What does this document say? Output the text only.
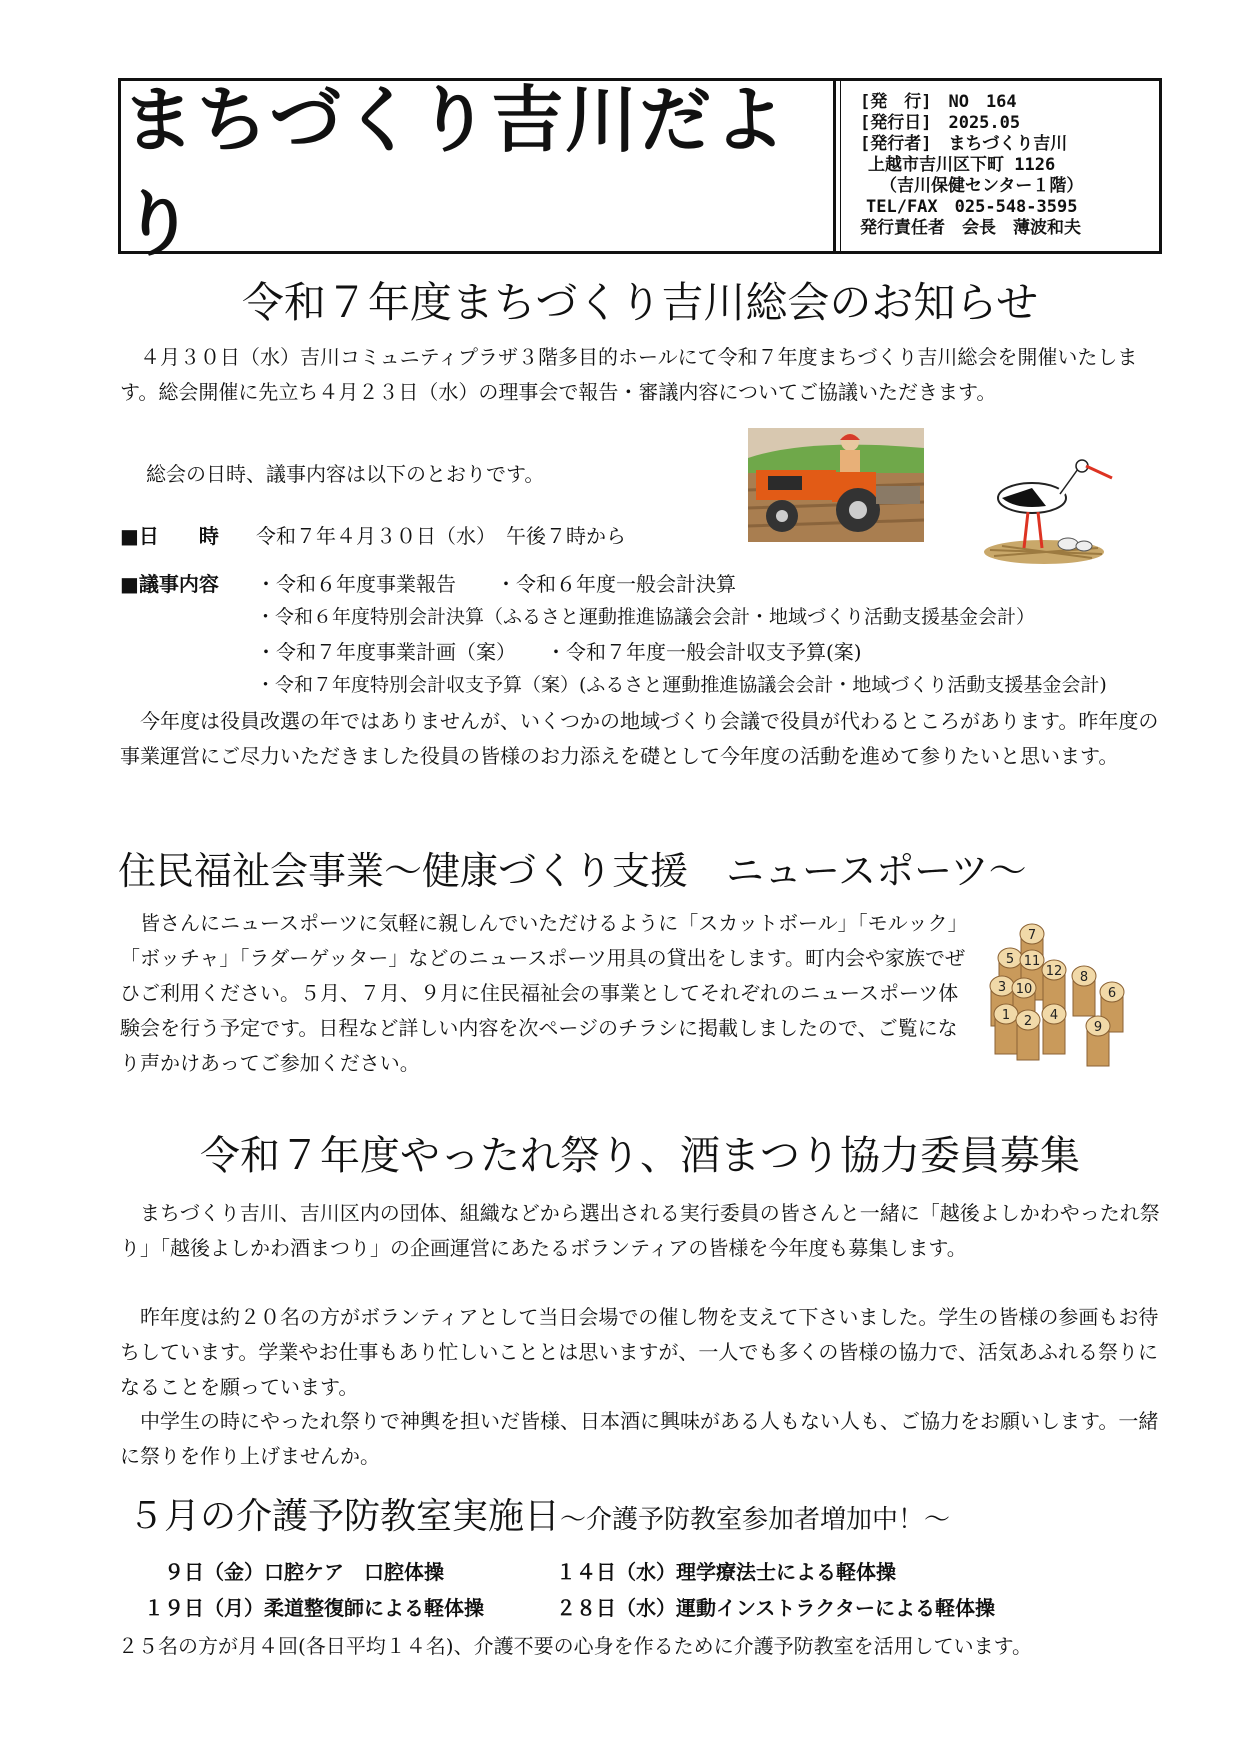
まちづくり吉川だより
[発　行]　NO　164
[発行日]　2025.05
[発行者]　まちづくり吉川
上越市吉川区下町 1126
（吉川保健センター１階）
TEL/FAX　025-548-3595
発行責任者　会長　薄波和夫
令和７年度まちづくり吉川総会のお知らせ
　４月３０日（水）吉川コミュニティプラザ３階多目的ホールにて令和７年度まちづくり吉川総会を開催いたします。総会開催に先立ち４月２３日（水）の理事会で報告・審議内容についてご協議いただきます。
総会の日時、議事内容は以下のとおりです。
■日　　時 令和７年４月３０日（水）　午後７時から
■議事内容 ・令和６年度事業報告　　・令和６年度一般会計決算
・令和６年度特別会計決算（ふるさと運動推進協議会会計・地域づくり活動支援基金会計）
・令和７年度事業計画（案）　　・令和７年度一般会計収支予算(案)
・令和７年度特別会計収支予算（案）(ふるさと運動推進協議会会計・地域づくり活動支援基金会計)
　今年度は役員改選の年ではありませんが、いくつかの地域づくり会議で役員が代わるところがあります。昨年度の事業運営にご尽力いただきました役員の皆様のお力添えを礎として今年度の活動を進めて参りたいと思います。
住民福祉会事業～健康づくり支援　ニュースポーツ～
　皆さんにニュースポーツに気軽に親しんでいただけるように「スカットボール」「モルック」「ボッチャ」「ラダーゲッター」などのニュースポーツ用具の貸出をします。町内会や家族でぜひご利用ください。５月、７月、９月に住民福祉会の事業としてそれぞれのニュースポーツ体験会を行う予定です。日程など詳しい内容を次ページのチラシに掲載しましたので、ご覧になり声かけあってご参加ください。
7
5 11
12
3 10
8
6
1 2 4
9
令和７年度やったれ祭り、酒まつり協力委員募集
　まちづくり吉川、吉川区内の団体、組織などから選出される実行委員の皆さんと一緒に「越後よしかわやったれ祭り」「越後よしかわ酒まつり」の企画運営にあたるボランティアの皆様を今年度も募集します。
　昨年度は約２０名の方がボランティアとして当日会場での催し物を支えて下さいました。学生の皆様の参画もお待ちしています。学業やお仕事もあり忙しいこととは思いますが、一人でも多くの皆様の協力で、活気あふれる祭りになることを願っています。
　中学生の時にやったれ祭りで神輿を担いだ皆様、日本酒に興味がある人もない人も、ご協力をお願いします。一緒に祭りを作り上げませんか。
５月の介護予防教室実施日～介護予防教室参加者増加中！～
９日（金）口腔ケア　口腔体操	１４日（水）理学療法士による軽体操
１９日（月）柔道整復師による軽体操	２８日（水）運動インストラクターによる軽体操
２５名の方が月４回(各日平均１４名)、介護不要の心身を作るために介護予防教室を活用しています。
